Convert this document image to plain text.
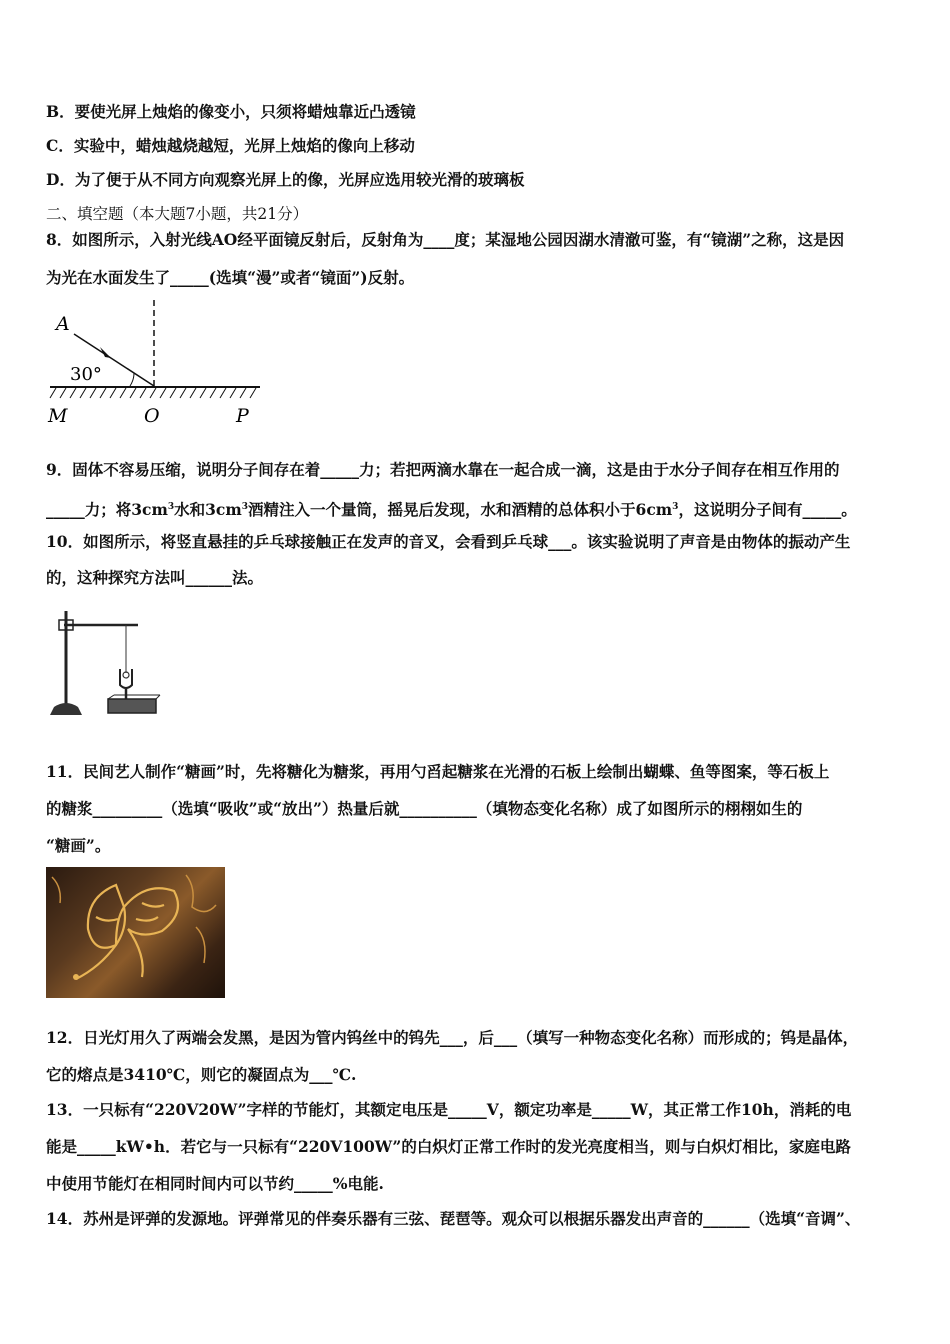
B．要使光屏上烛焰的像变小，只须将蜡烛靠近凸透镜
C．实验中，蜡烛越烧越短，光屏上烛焰的像向上移动
D．为了便于从不同方向观察光屏上的像，光屏应选用较光滑的玻璃板
二、填空题（本大题7小题，共21分）
8．如图所示，入射光线AO经平面镜反射后，反射角为____度；某湿地公园因湖水清澈可鉴，有“镜湖”之称，这是因
为光在水面发生了_____(选填“漫”或者“镜面”)反射。
A
30°
M	O	P
9．固体不容易压缩，说明分子间存在着_____力；若把两滴水靠在一起合成一滴，这是由于水分子间存在相互作用的
_____力；将$3cm^3$水和$3cm^3$酒精注入一个量筒，摇晃后发现，水和酒精的总体积小于$6cm^3$，这说明分子间有_____。
10．如图所示，将竖直悬挂的乒乓球接触正在发声的音叉，会看到乒乓球___。该实验说明了声音是由物体的振动产生
的，这种探究方法叫______法。
11．民间艺人制作“糖画”时，先将糖化为糖浆，再用勺舀起糖浆在光滑的石板上绘制出蝴蝶、鱼等图案，等石板上
的糖浆_________（选填“吸收”或“放出”）热量后就__________（填物态变化名称）成了如图所示的栩栩如生的
“糖画”。
12．日光灯用久了两端会发黑，是因为管内钨丝中的钨先___，后___（填写一种物态变化名称）而形成的；钨是晶体，
它的熔点是3410℃，则它的凝固点为___℃.
13．一只标有“220V20W”字样的节能灯，其额定电压是_____V，额定功率是_____W，其正常工作10h，消耗的电
能是_____kW•h．若它与一只标有“220V100W”的白炽灯正常工作时的发光亮度相当，则与白炽灯相比，家庭电路
中使用节能灯在相同时间内可以节约_____%电能.
14．苏州是评弹的发源地。评弹常见的伴奏乐器有三弦、琵琶等。观众可以根据乐器发出声音的______（选填“音调”、
